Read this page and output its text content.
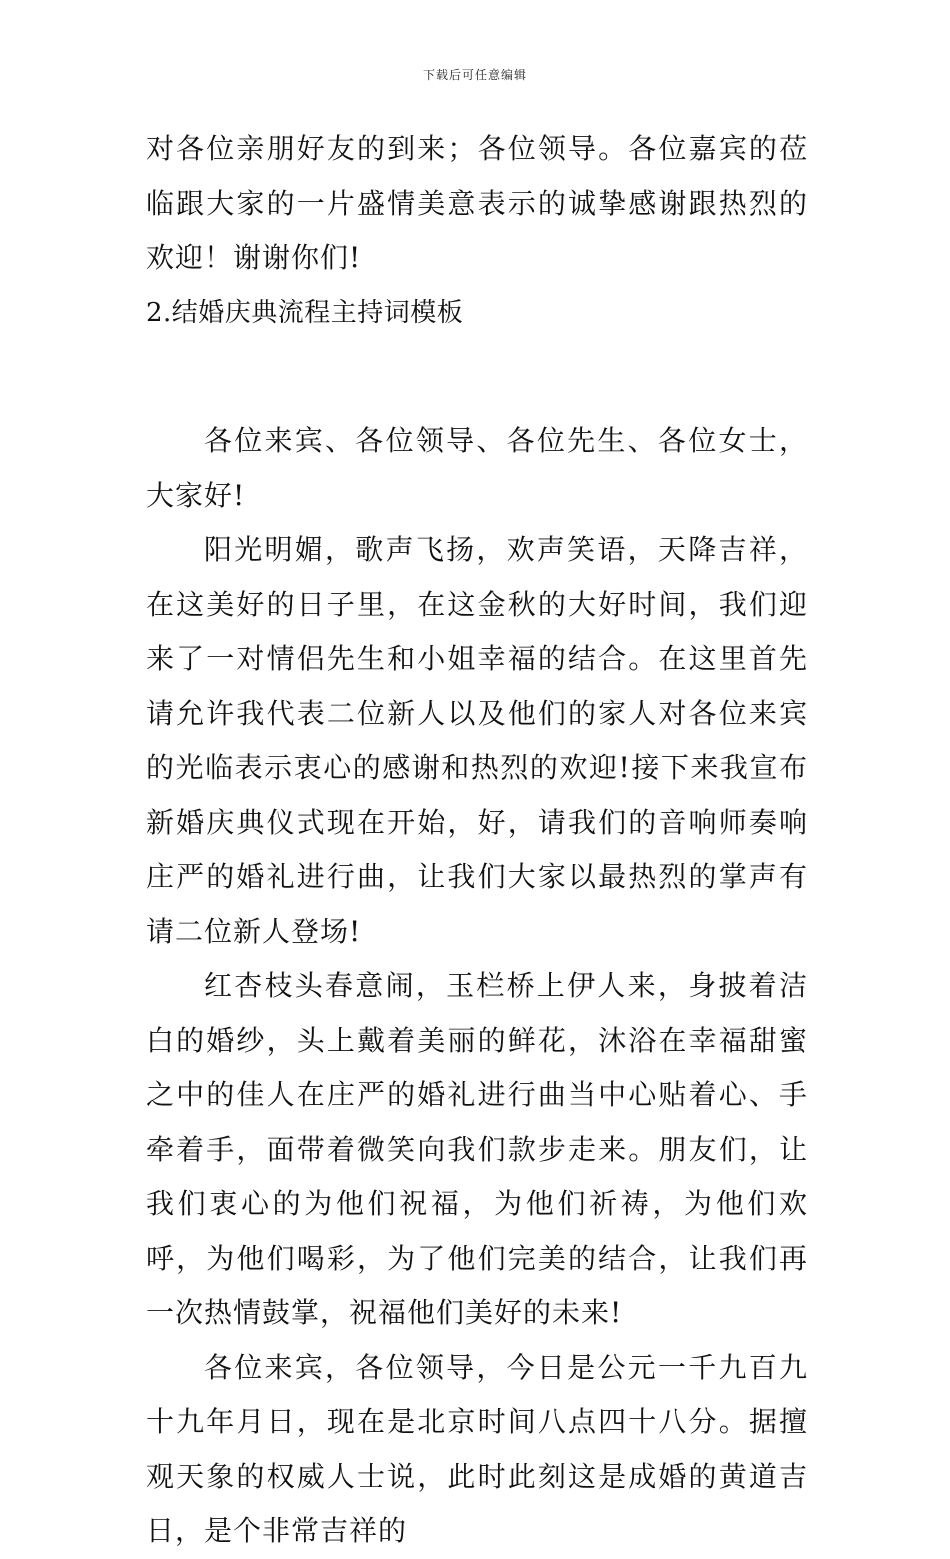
下载后可任意编辑

对各位亲朋好友的到来；各位领导。各位嘉宾的莅临跟大家的一片盛情美意表示的诚挚感谢跟热烈的欢迎！谢谢你们!

2.结婚庆典流程主持词模板

各位来宾、各位领导、各位先生、各位女士，大家好!

阳光明媚，歌声飞扬，欢声笑语，天降吉祥，在这美好的日子里，在这金秋的大好时间，我们迎来了一对情侣先生和小姐幸福的结合。在这里首先请允许我代表二位新人以及他们的家人对各位来宾的光临表示衷心的感谢和热烈的欢迎!接下来我宣布新婚庆典仪式现在开始，好，请我们的音响师奏响庄严的婚礼进行曲，让我们大家以最热烈的掌声有请二位新人登场!

红杏枝头春意闹，玉栏桥上伊人来，身披着洁白的婚纱，头上戴着美丽的鲜花，沐浴在幸福甜蜜之中的佳人在庄严的婚礼进行曲当中心贴着心、手牵着手，面带着微笑向我们款步走来。朋友们，让我们衷心的为他们祝福，为他们祈祷，为他们欢呼，为他们喝彩，为了他们完美的结合，让我们再一次热情鼓掌，祝福他们美好的未来!

各位来宾，各位领导，今日是公元一千九百九十九年月日，现在是北京时间八点四十八分。据擅观天象的权威人士说，此时此刻这是成婚的黄道吉日，是个非常吉祥的
